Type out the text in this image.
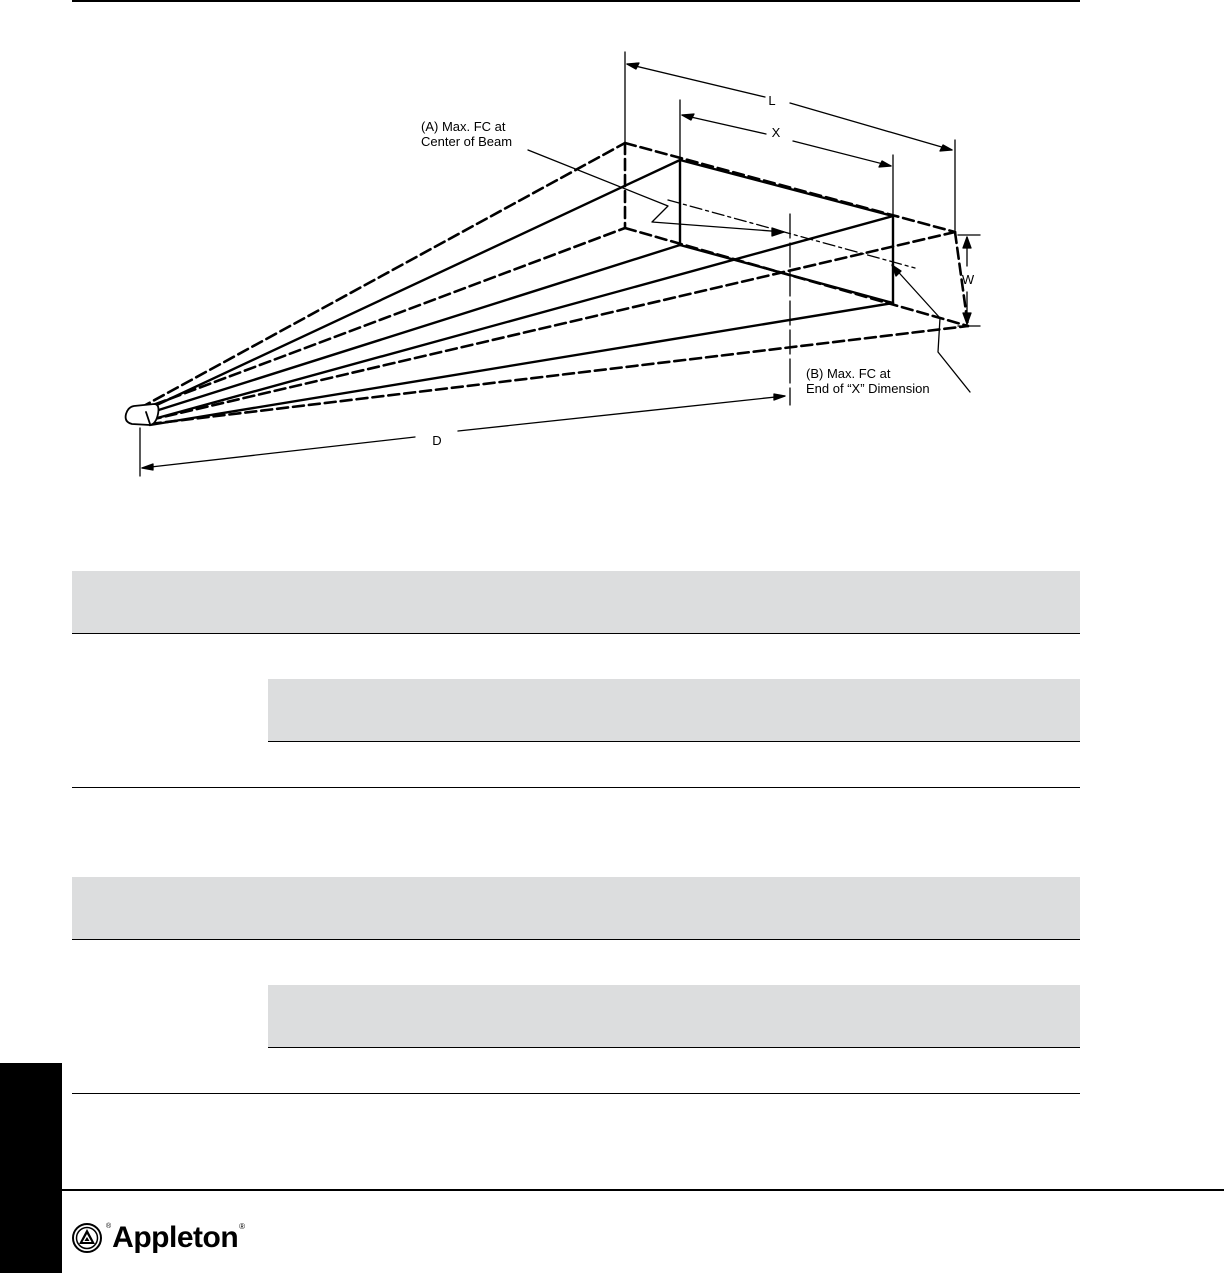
L
X
W
D
(A) Max. FC at
Center of Beam
(B) Max. FC at
End of “X” Dimension
® Appleton ®
